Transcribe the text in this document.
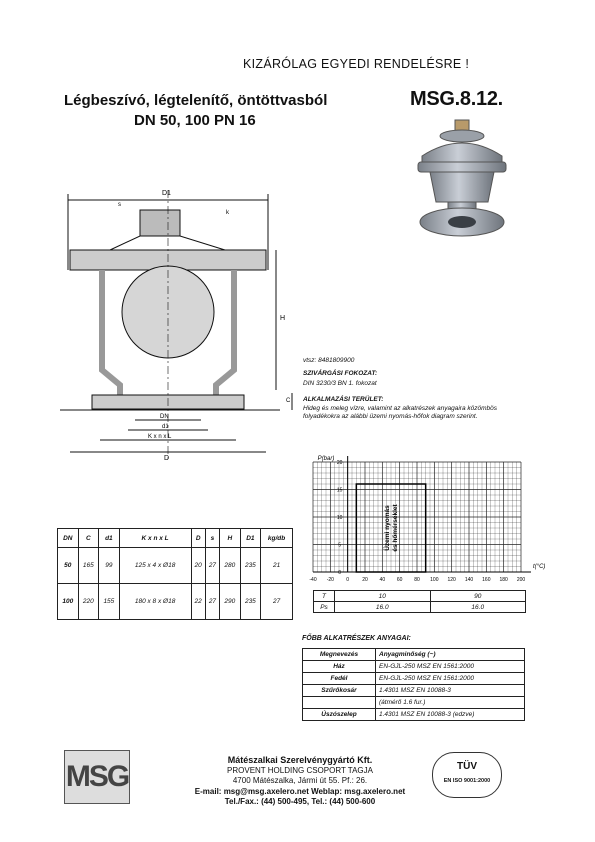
KIZÁRÓLAG EGYEDI RENDELÉSRE !
Légbeszívó, légtelenítő, öntöttvasból
DN 50, 100 PN 16
MSG.8.12.
D1
s
k
H
C
DN
d1
K x n x L
D
vtsz: 8481809900
SZIVÁRGÁSI FOKOZAT:
DIN 3230/3 BN 1. fokozat
ALKALMAZÁSI TERÜLET:
Hideg és meleg vízre, valamint az alkatrészek anyagaira közömbös folyadékokra az alábbi üzemi nyomás-hőfok diagram szerint.
-40 -20 0	20 40 60 80 100 120 140 160 180 200
0
5
10
15
20
P(bar)
t(°C)
Üzemi nyomás és hőmérséklet
DN	C	d1	K x n x L	D	s	H	D1	kg/db
50	165	99	125 x 4 x Ø18	20	27	280	235	21
100	220	155	180 x 8 x Ø18	22	27	290	235	27
T	10	90
Ps	16.0	16.0
FŐBB ALKATRÉSZEK ANYAGAI:
Megnevezés	Anyagminőség (~)
Ház	EN-GJL-250 MSZ EN 1561:2000
Fedél	EN-GJL-250 MSZ EN 1561:2000
Szűrőkosár	1.4301 MSZ EN 10088-3
	(átmérő 1.6 fur.)
Úszószelep	1.4301 MSZ EN 10088-3 (edzve)
MSG	Mátészalkai Szerelvénygyártó Kft.
PROVENT HOLDING CSOPORT TAGJA
4700 Mátészalka, Jármi út 55. Pf.: 26.
E-mail: msg@msg.axelero.net Weblap: msg.axelero.net
Tel./Fax.: (44) 500-495, Tel.: (44) 500-600
TÜV
EN ISO 9001:2000
